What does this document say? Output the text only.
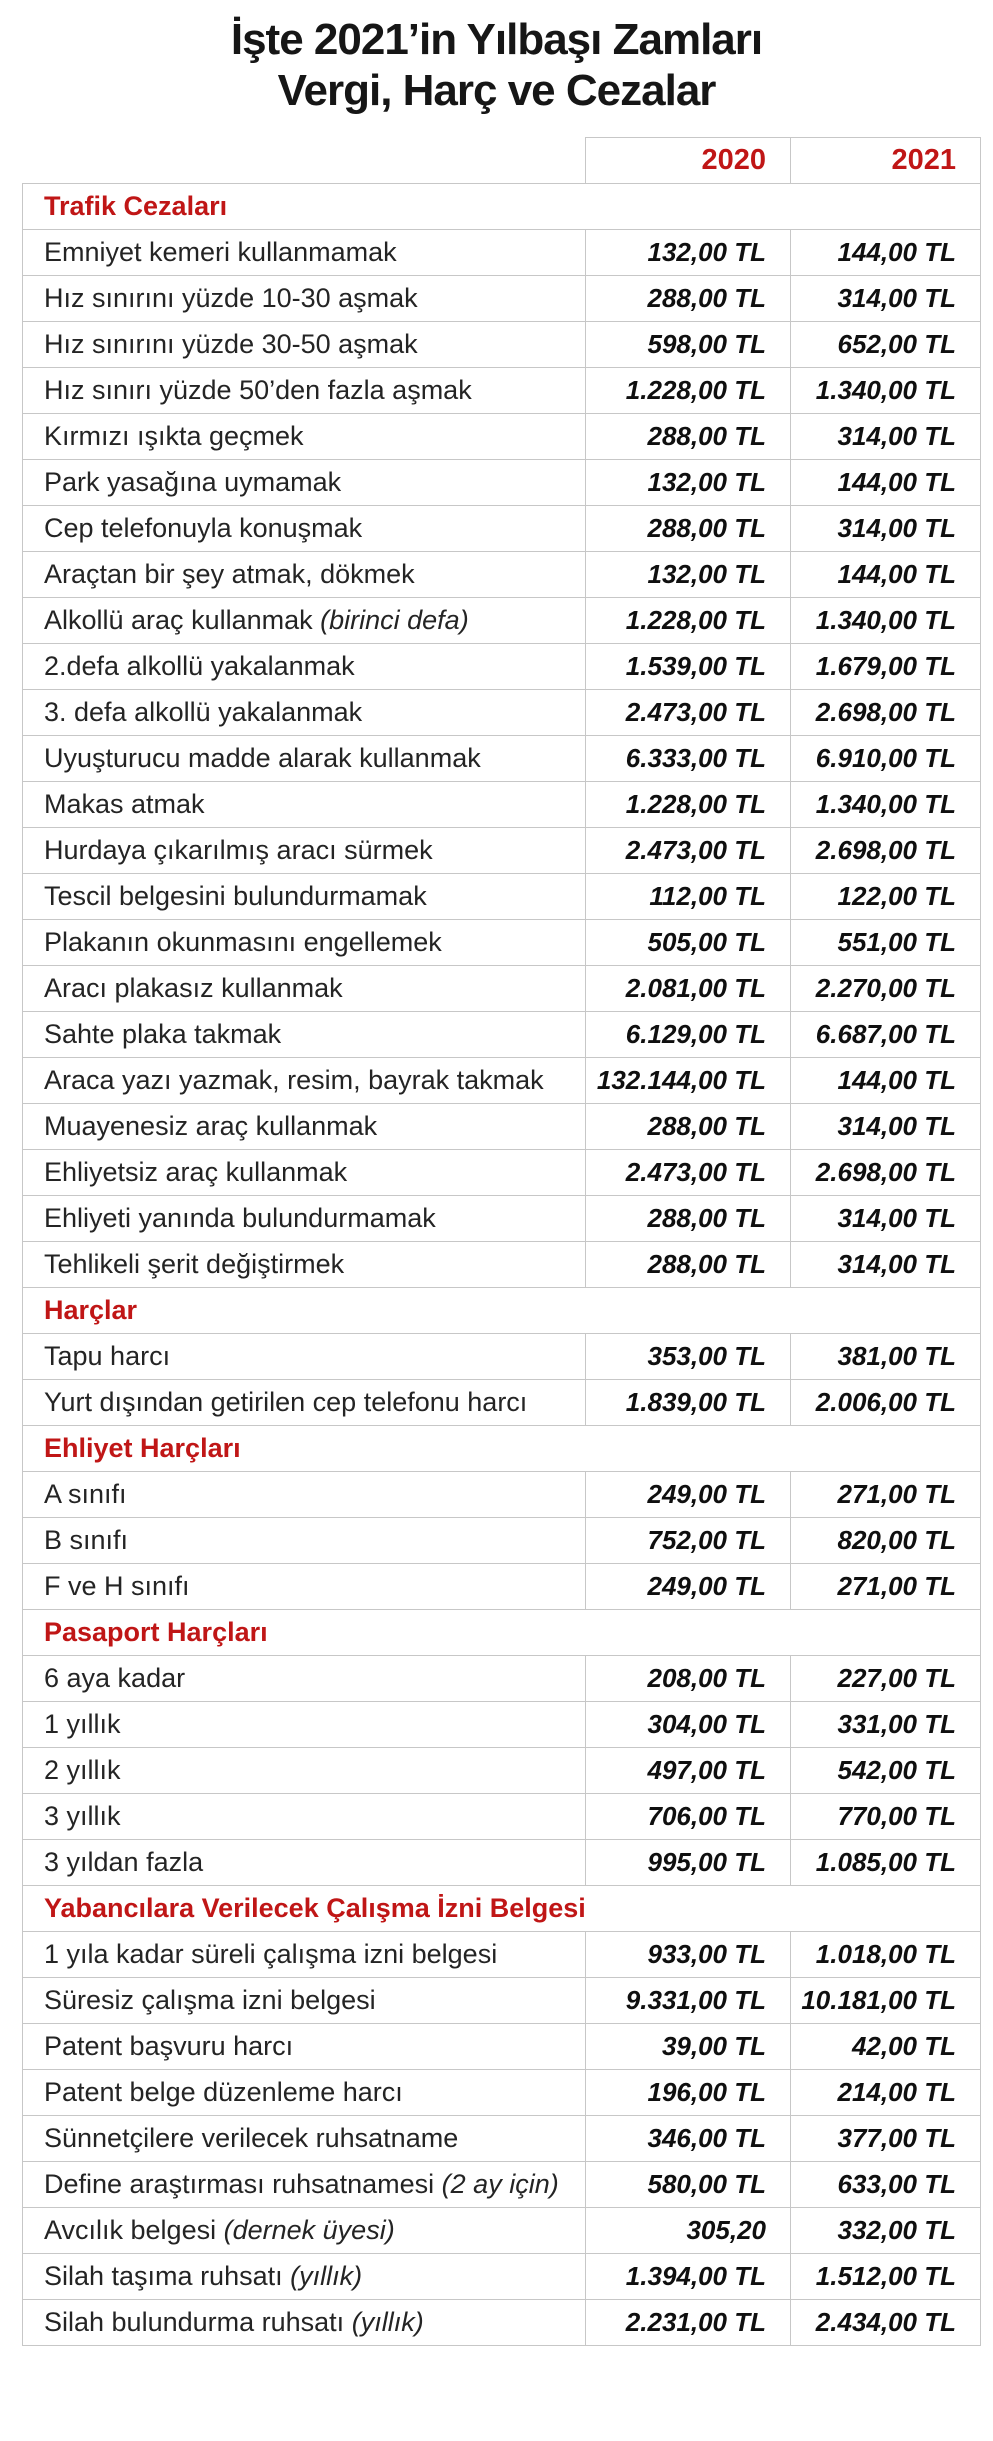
İşte 2021’in Yılbaşı Zamları
Vergi, Harç ve Cezalar
	2020	2021
Trafik Cezaları		
Emniyet kemeri kullanmamak	132,00 TL	144,00 TL
Hız sınırını yüzde 10-30 aşmak	288,00 TL	314,00 TL
Hız sınırını yüzde 30-50 aşmak	598,00 TL	652,00 TL
Hız sınırı yüzde 50’den fazla aşmak	1.228,00 TL	1.340,00 TL
Kırmızı ışıkta geçmek	288,00 TL	314,00 TL
Park yasağına uymamak	132,00 TL	144,00 TL
Cep telefonuyla konuşmak	288,00 TL	314,00 TL
Araçtan bir şey atmak, dökmek	132,00 TL	144,00 TL
Alkollü araç kullanmak (birinci defa)	1.228,00 TL	1.340,00 TL
2.defa alkollü yakalanmak	1.539,00 TL	1.679,00 TL
3. defa alkollü yakalanmak	2.473,00 TL	2.698,00 TL
Uyuşturucu madde alarak kullanmak	6.333,00 TL	6.910,00 TL
Makas atmak	1.228,00 TL	1.340,00 TL
Hurdaya çıkarılmış aracı sürmek	2.473,00 TL	2.698,00 TL
Tescil belgesini bulundurmamak	112,00 TL	122,00 TL
Plakanın okunmasını engellemek	505,00 TL	551,00 TL
Aracı plakasız kullanmak	2.081,00 TL	2.270,00 TL
Sahte plaka takmak	6.129,00 TL	6.687,00 TL
Araca yazı yazmak, resim, bayrak takmak	132.144,00 TL	144,00 TL
Muayenesiz araç kullanmak	288,00 TL	314,00 TL
Ehliyetsiz araç kullanmak	2.473,00 TL	2.698,00 TL
Ehliyeti yanında bulundurmamak	288,00 TL	314,00 TL
Tehlikeli şerit değiştirmek	288,00 TL	314,00 TL
Harçlar		
Tapu harcı	353,00 TL	381,00 TL
Yurt dışından getirilen cep telefonu harcı	1.839,00 TL	2.006,00 TL
Ehliyet Harçları		
A sınıfı	249,00 TL	271,00 TL
B sınıfı	752,00 TL	820,00 TL
F ve H sınıfı	249,00 TL	271,00 TL
Pasaport Harçları		
6 aya kadar	208,00 TL	227,00 TL
1 yıllık	304,00 TL	331,00 TL
2 yıllık	497,00 TL	542,00 TL
3 yıllık	706,00 TL	770,00 TL
3 yıldan fazla	995,00 TL	1.085,00 TL
Yabancılara Verilecek Çalışma İzni Belgesi		
1 yıla kadar süreli çalışma izni belgesi	933,00 TL	1.018,00 TL
Süresiz çalışma izni belgesi	9.331,00 TL	10.181,00 TL
Patent başvuru harcı	39,00 TL	42,00 TL
Patent belge düzenleme harcı	196,00 TL	214,00 TL
Sünnetçilere verilecek ruhsatname	346,00 TL	377,00 TL
Define araştırması ruhsatnamesi (2 ay için)	580,00 TL	633,00 TL
Avcılık belgesi (dernek üyesi)	305,20	332,00 TL
Silah taşıma ruhsatı (yıllık)	1.394,00 TL	1.512,00 TL
Silah bulundurma ruhsatı (yıllık)	2.231,00 TL	2.434,00 TL
